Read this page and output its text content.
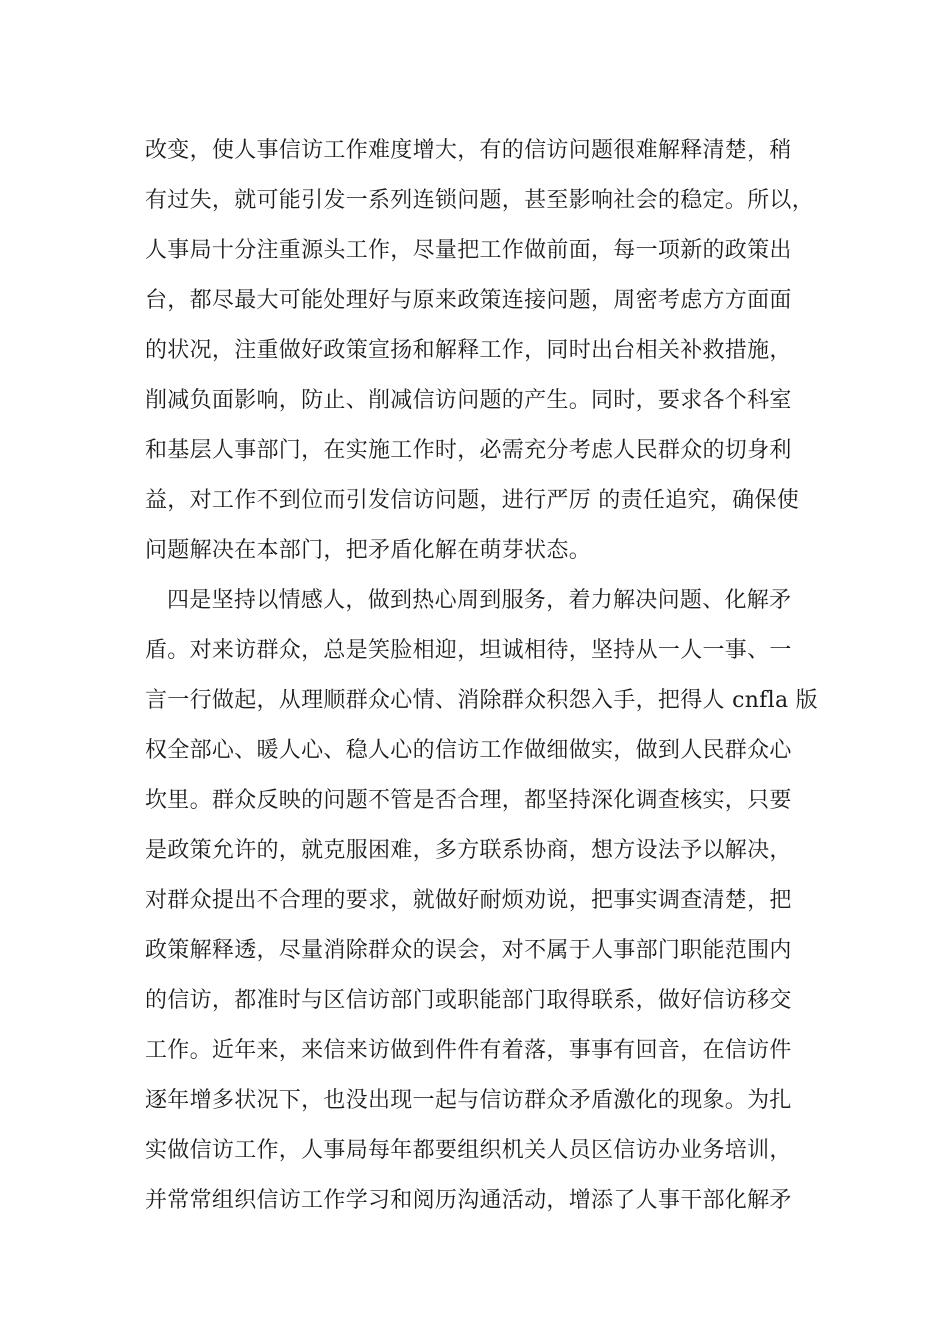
改变，使人事信访工作难度增大，有的信访问题很难解释清楚，稍
有过失，就可能引发一系列连锁问题，甚至影响社会的稳定。所以，
人事局十分注重源头工作，尽量把工作做前面，每一项新的政策出
台，都尽最大可能处理好与原来政策连接问题，周密考虑方方面面
的状况，注重做好政策宣扬和解释工作，同时出台相关补救措施，
削减负面影响，防止、削减信访问题的产生。同时，要求各个科室
和基层人事部门，在实施工作时，必需充分考虑人民群众的切身利
益，对工作不到位而引发信访问题，进行严厉 的责任追究，确保使
问题解决在本部门，把矛盾化解在萌芽状态。
四是坚持以情感人，做到热心周到服务，着力解决问题、化解矛
盾。对来访群众，总是笑脸相迎，坦诚相待，坚持从一人一事、一
言一行做起，从理顺群众心情、消除群众积怨入手，把得人 cnfla 版
权全部心、暖人心、稳人心的信访工作做细做实，做到人民群众心
坎里。群众反映的问题不管是否合理，都坚持深化调查核实，只要
是政策允许的，就克服困难，多方联系协商，想方设法予以解决，
对群众提出不合理的要求，就做好耐烦劝说，把事实调查清楚，把
政策解释透，尽量消除群众的误会，对不属于人事部门职能范围内
的信访，都准时与区信访部门或职能部门取得联系，做好信访移交
工作。近年来，来信来访做到件件有着落，事事有回音，在信访件
逐年增多状况下，也没出现一起与信访群众矛盾激化的现象。为扎
实做信访工作，人事局每年都要组织机关人员区信访办业务培训，
并常常组织信访工作学习和阅历沟通活动，增添了人事干部化解矛
